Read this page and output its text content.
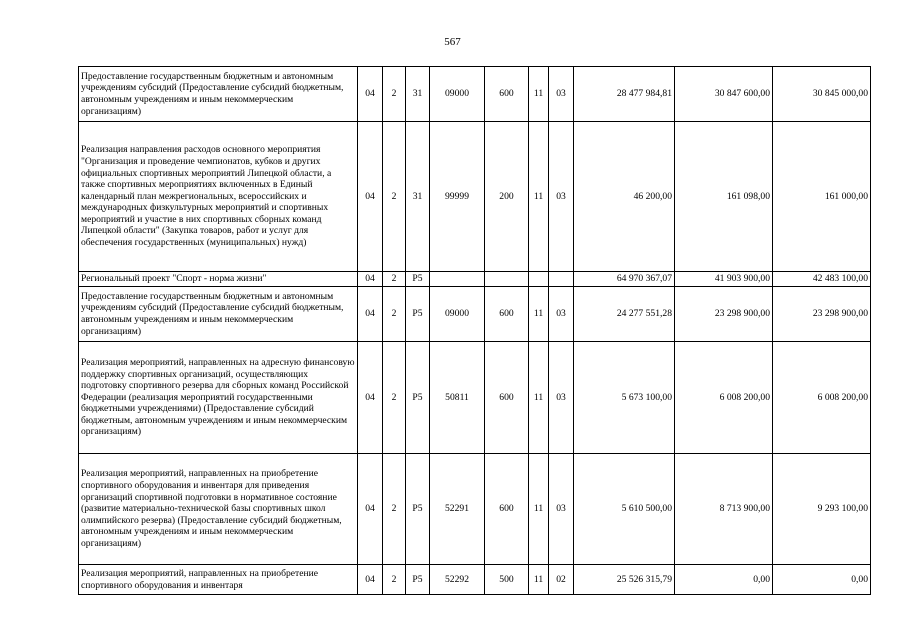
567
Предоставление государственным бюджетным и автономным учреждениям субсидий (Предоставление субсидий бюджетным, автономным учреждениям и иным некоммерческим организациям)	04	2	31	09000	600	11	03	28 477 984,81	30 847 600,00	30 845 000,00
Реализация направления расходов основного мероприятия "Организация и проведение чемпионатов, кубков и других официальных спортивных мероприятий Липецкой области, а также спортивных мероприятиях включенных в Единый календарный план межрегиональных, всероссийских и международных физкультурных мероприятий и спортивных мероприятий и участие в них спортивных сборных команд Липецкой области" (Закупка товаров, работ и услуг для обеспечения государственных (муниципальных) нужд)	04	2	31	99999	200	11	03	46 200,00	161 098,00	161 000,00
Региональный проект "Спорт - норма жизни"	04	2	P5					64 970 367,07	41 903 900,00	42 483 100,00
Предоставление государственным бюджетным и автономным учреждениям субсидий (Предоставление субсидий бюджетным, автономным учреждениям и иным некоммерческим организациям)	04	2	P5	09000	600	11	03	24 277 551,28	23 298 900,00	23 298 900,00
Реализация мероприятий, направленных на адресную финансовую поддержку спортивных организаций, осуществляющих подготовку спортивного резерва для сборных команд Российской Федерации (реализация мероприятий государственными бюджетными учреждениями) (Предоставление субсидий бюджетным, автономным учреждениям и иным некоммерческим организациям)	04	2	P5	50811	600	11	03	5 673 100,00	6 008 200,00	6 008 200,00
Реализация мероприятий, направленных на приобретение спортивного оборудования и инвентаря для приведения организаций спортивной подготовки в нормативное состояние (развитие материально-технической базы спортивных школ олимпийского резерва) (Предоставление субсидий бюджетным, автономным учреждениям и иным некоммерческим организациям)	04	2	P5	52291	600	11	03	5 610 500,00	8 713 900,00	9 293 100,00
Реализация мероприятий, направленных на приобретение спортивного оборудования и инвентаря	04	2	P5	52292	500	11	02	25 526 315,79	0,00	0,00
